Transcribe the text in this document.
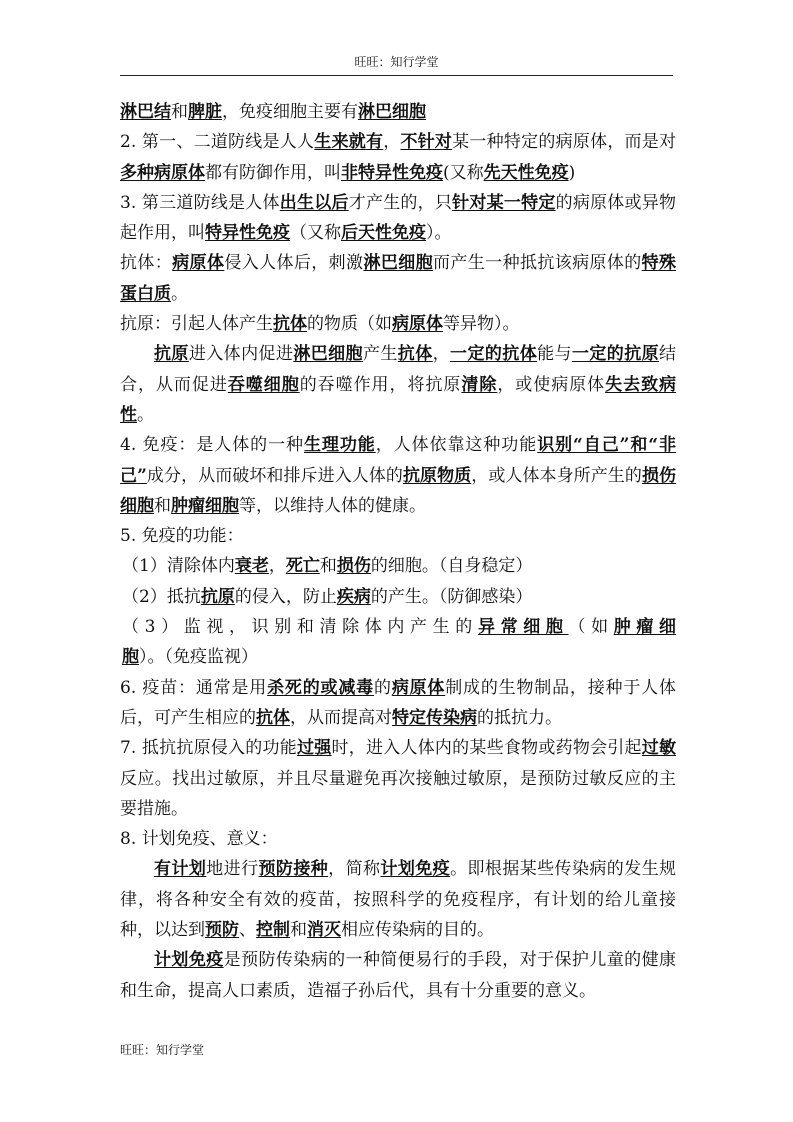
旺旺：知行学堂

淋巴结和脾脏，免疫细胞主要有淋巴细胞

2. 第一、二道防线是人人生来就有，不针对某一种特定的病原体，而是对多种病原体都有防御作用，叫非特异性免疫(又称先天性免疫)

3. 第三道防线是人体出生以后才产生的，只针对某一特定的病原体或异物起作用，叫特异性免疫（又称后天性免疫）。

抗体：病原体侵入人体后，刺激淋巴细胞而产生一种抵抗该病原体的特殊蛋白质。

抗原：引起人体产生抗体的物质（如病原体等异物）。

抗原进入体内促进淋巴细胞产生抗体，一定的抗体能与一定的抗原结合，从而促进吞噬细胞的吞噬作用，将抗原清除，或使病原体失去致病性。

4. 免疫：是人体的一种生理功能，人体依靠这种功能识别“自己”和“非己”成分，从而破坏和排斥进入人体的抗原物质，或人体本身所产生的损伤细胞和肿瘤细胞等，以维持人体的健康。

5. 免疫的功能：

（1）清除体内衰老，死亡和损伤的细胞。（自身稳定）

（2）抵抗抗原的侵入，防止疾病的产生。（防御感染）

（3）监视，识别和清除体内产生的异常细胞（如肿瘤细胞）。（免疫监视）

6. 疫苗：通常是用杀死的或减毒的病原体制成的生物制品，接种于人体后，可产生相应的抗体，从而提高对特定传染病的抵抗力。

7. 抵抗抗原侵入的功能过强时，进入人体内的某些食物或药物会引起过敏反应。找出过敏原，并且尽量避免再次接触过敏原，是预防过敏反应的主要措施。

8. 计划免疫、意义：

有计划地进行预防接种，简称计划免疫。即根据某些传染病的发生规律，将各种安全有效的疫苗，按照科学的免疫程序，有计划的给儿童接种，以达到预防、控制和消灭相应传染病的目的。

计划免疫是预防传染病的一种简便易行的手段，对于保护儿童的健康和生命，提高人口素质，造福子孙后代，具有十分重要的意义。

旺旺：知行学堂
